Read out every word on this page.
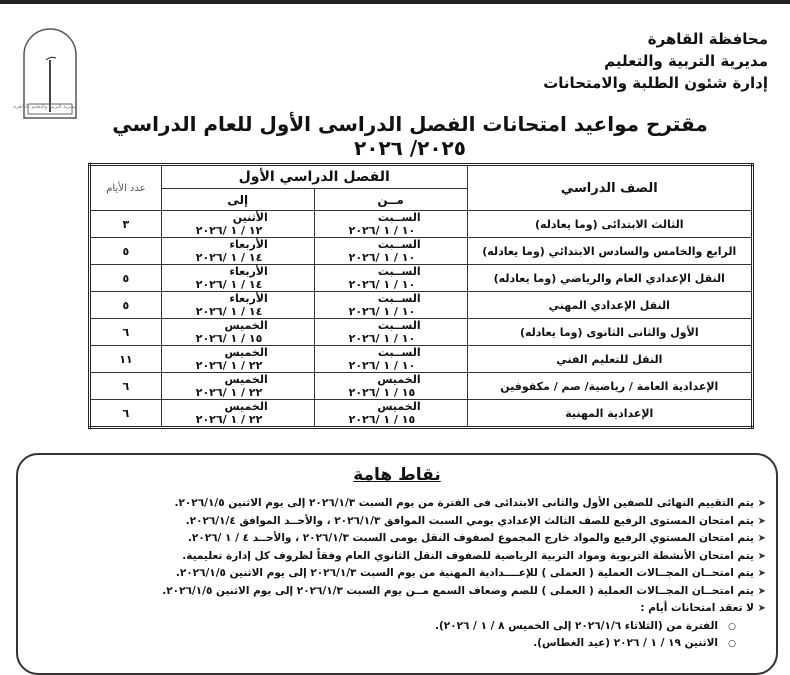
مديرية التربية والتعليم بالقاهرة
محافظة القاهرة
مديرية التربية والتعليم
إدارة شئون الطلبة والامتحانات
مقترح مواعيد امتحانات الفصل الدراسى الأول للعام الدراسي ٢٠٢٥/ ٢٠٢٦
الصف الدراسي	الفصل الدراسي الأول		عدد الأيام
	مــن	إلى	
الثالث الابتدائى (وما يعادله)	الســبت١٠ / ١ /٢٠٢٦	الأثنين١٢ / ١ /٢٠٢٦	٣
الرابع والخامس والسادس الابتدائي (وما يعادله)	الســبت١٠ / ١ /٢٠٢٦	الأربعاء١٤ / ١ /٢٠٢٦	٥
النقل الإعدادي العام والرياضي (وما يعادله)	الســبت١٠ / ١ /٢٠٢٦	الأربعاء١٤ / ١ /٢٠٢٦	٥
النقل الإعدادي المهني	الســبت١٠ / ١ /٢٠٢٦	الأربعاء١٤ / ١ /٢٠٢٦	٥
الأول والثانى الثانوى (وما يعادله)	الســبت١٠ / ١ /٢٠٢٦	الخميس١٥ / ١ /٢٠٢٦	٦
النقل للتعليم الفني	الســبت١٠ / ١ /٢٠٢٦	الخميس٢٢ / ١ /٢٠٢٦	١١
الإعدادية العامة / رياضية/ صم / مكفوفين	الخميس١٥ / ١ /٢٠٢٦	الخميس٢٢ / ١ /٢٠٢٦	٦
الإعدادية المهنية	الخميس١٥ / ١ /٢٠٢٦	الخميس٢٢ / ١ /٢٠٢٦	٦
نقاط هامة
➤يتم التقييم النهائى للصفين الأول والثانى الابتدائى فى الفترة من يوم السبت ٢٠٢٦/١/٣ إلى يوم الاثنين ٢٠٢٦/١/٥.
➤يتم امتحان المستوى الرفيع للصف الثالث الإعدادي يومي السبت الموافق ٢٠٢٦/١/٣ ، والأحــد الموافق ٢٠٢٦/١/٤.
➤يتم امتحان المستوي الرفيع والمواد خارج المجموع لصفوف النقل يومى السبت ٢٠٢٦/١/٣ ، والأحــد ٤ / ١ /٢٠٢٦.
➤يتم امتحان الأنشطة التربوية ومواد التربية الرياضية للصفوف النقل الثانوي العام وفقاً لظروف كل إدارة تعليمية.
➤يتم امتحــان المجــالات العملية ( العملى ) للإعــــدادية المهنية من يوم السبت ٢٠٢٦/١/٣ إلى يوم الاثنين ٢٠٢٦/١/٥.
➤يتم امتحــان المجــالات العملية ( العملى ) للصم وضعاف السمع مــن يوم السبت ٢٠٢٦/١/٣ إلى يوم الاثنين ٢٠٢٦/١/٥.
➤لا تعقد امتحانات أيام :
○الفترة من (الثلاثاء ٢٠٢٦/١/٦ إلى الخميس ٨ / ١ / ٢٠٢٦).
○الاثنين ١٩ / ١ / ٢٠٢٦ (عيد الغطاس).
